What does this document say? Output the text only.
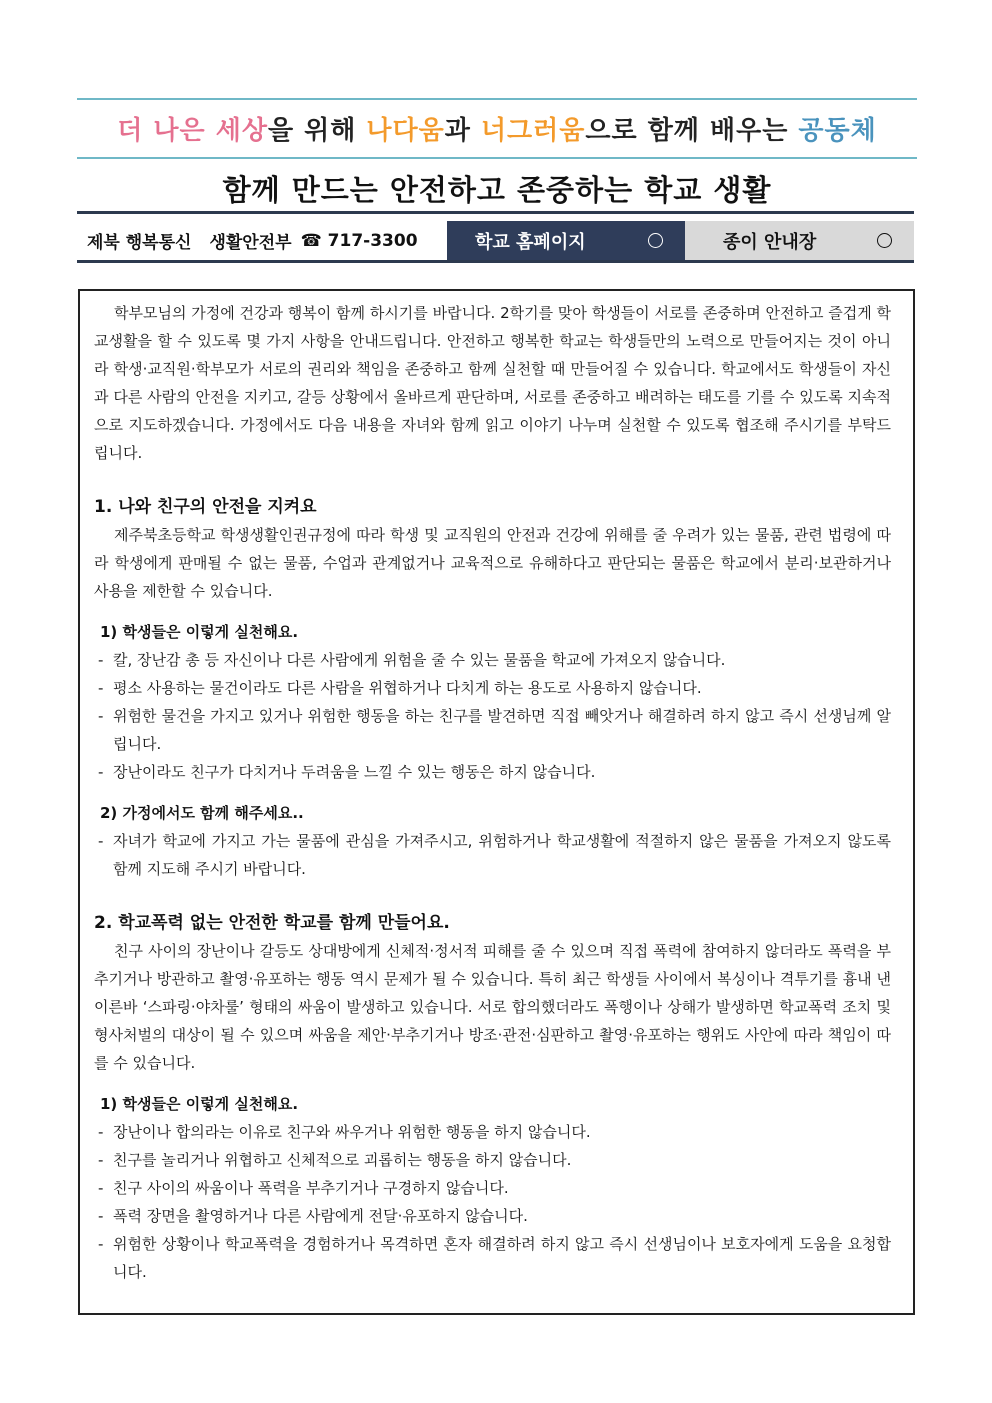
더 나은 세상 을 위해 나다움 과 너그러움 으로 함께 배우는 공동체
함께 만드는 안전하고 존중하는 학교 생활
제북 행복통신 생활안전부 ☎ 717-3300	학교 홈페이지	종이 안내장

학부모님의 가정에 건강과 행복이 함께 하시기를 바랍니다. 2학기를 맞아 학생들이 서로를 존중하며 안전하고 즐겁게 학교생활을 할 수 있도록 몇 가지 사항을 안내드립니다. 안전하고 행복한 학교는 학생들만의 노력으로 만들어지는 것이 아니라 학생·교직원·학부모가 서로의 권리와 책임을 존중하고 함께 실천할 때 만들어질 수 있습니다. 학교에서도 학생들이 자신과 다른 사람의 안전을 지키고, 갈등 상황에서 올바르게 판단하며, 서로를 존중하고 배려하는 태도를 기를 수 있도록 지속적으로 지도하겠습니다. 가정에서도 다음 내용을 자녀와 함께 읽고 이야기 나누며 실천할 수 있도록 협조해 주시기를 부탁드립니다.

1. 나와 친구의 안전을 지켜요

제주북초등학교 학생생활인권규정에 따라 학생 및 교직원의 안전과 건강에 위해를 줄 우려가 있는 물품, 관련 법령에 따라 학생에게 판매될 수 없는 물품, 수업과 관계없거나 교육적으로 유해하다고 판단되는 물품은 학교에서 분리·보관하거나 사용을 제한할 수 있습니다.

1) 학생들은 이렇게 실천해요.
- 칼, 장난감 총 등 자신이나 다른 사람에게 위험을 줄 수 있는 물품을 학교에 가져오지 않습니다.
- 평소 사용하는 물건이라도 다른 사람을 위협하거나 다치게 하는 용도로 사용하지 않습니다.
- 위험한 물건을 가지고 있거나 위험한 행동을 하는 친구를 발견하면 직접 빼앗거나 해결하려 하지 않고 즉시 선생님께 알립니다.
- 장난이라도 친구가 다치거나 두려움을 느낄 수 있는 행동은 하지 않습니다.
2) 가정에서도 함께 해주세요..
- 자녀가 학교에 가지고 가는 물품에 관심을 가져주시고, 위험하거나 학교생활에 적절하지 않은 물품을 가져오지 않도록 함께 지도해 주시기 바랍니다.
2. 학교폭력 없는 안전한 학교를 함께 만들어요.

친구 사이의 장난이나 갈등도 상대방에게 신체적·정서적 피해를 줄 수 있으며 직접 폭력에 참여하지 않더라도 폭력을 부추기거나 방관하고 촬영·유포하는 행동 역시 문제가 될 수 있습니다. 특히 최근 학생들 사이에서 복싱이나 격투기를 흉내 낸 이른바 ‘스파링·야차룰’ 형태의 싸움이 발생하고 있습니다. 서로 합의했더라도 폭행이나 상해가 발생하면 학교폭력 조치 및 형사처벌의 대상이 될 수 있으며 싸움을 제안·부추기거나 방조·관전·심판하고 촬영·유포하는 행위도 사안에 따라 책임이 따를 수 있습니다.

1) 학생들은 이렇게 실천해요.
- 장난이나 합의라는 이유로 친구와 싸우거나 위험한 행동을 하지 않습니다.
- 친구를 놀리거나 위협하고 신체적으로 괴롭히는 행동을 하지 않습니다.
- 친구 사이의 싸움이나 폭력을 부추기거나 구경하지 않습니다.
- 폭력 장면을 촬영하거나 다른 사람에게 전달·유포하지 않습니다.
- 위험한 상황이나 학교폭력을 경험하거나 목격하면 혼자 해결하려 하지 않고 즉시 선생님이나 보호자에게 도움을 요청합니다.
